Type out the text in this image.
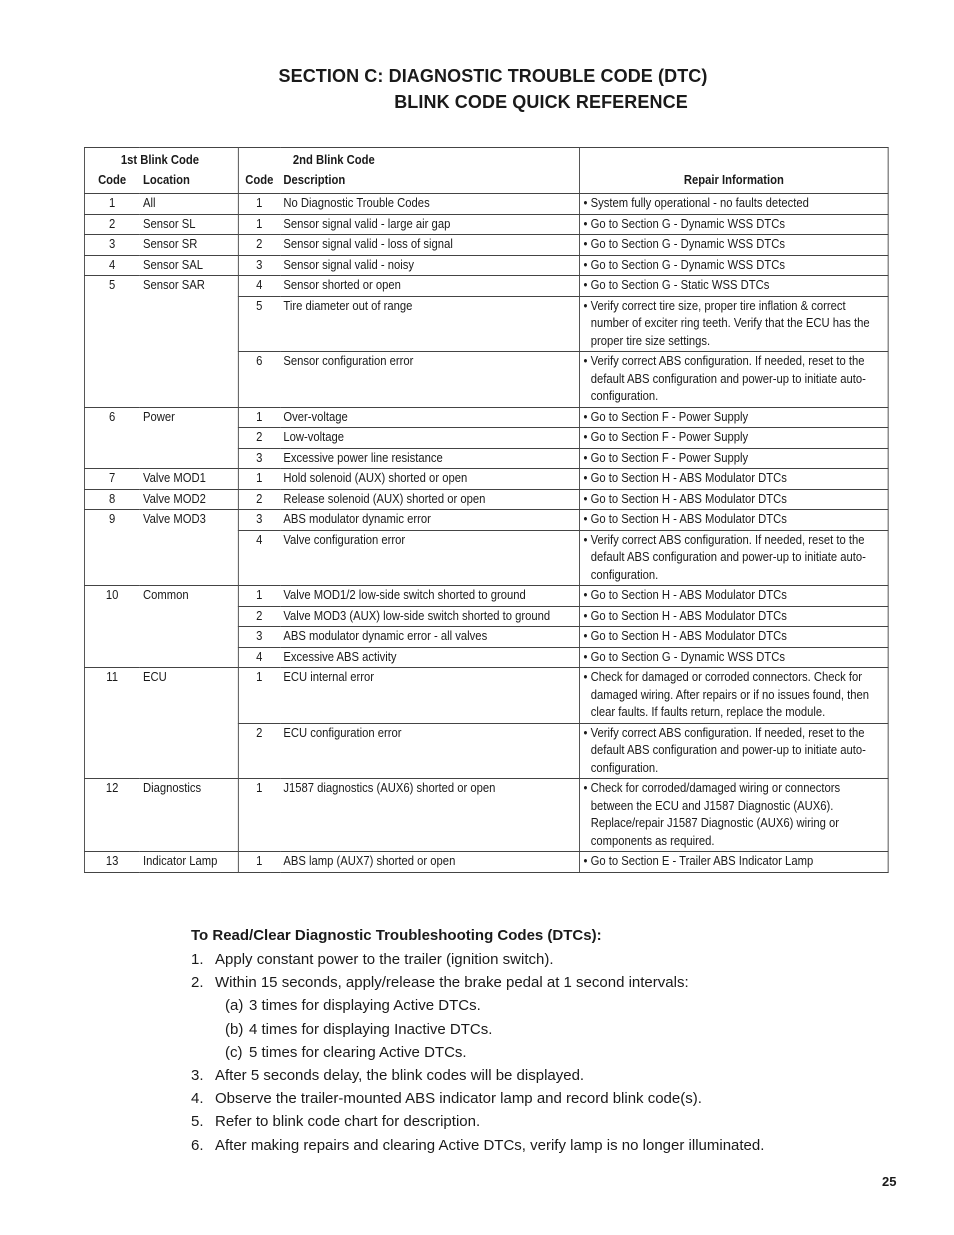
SECTION C: DIAGNOSTIC TROUBLE CODE (DTC)
BLINK CODE QUICK REFERENCE
1st Blink Code		2nd Blink Code		Repair Information
Code	Location	Code	Description	
1	All	1	No Diagnostic Trouble Codes	• System fully operational - no faults detected
2	Sensor SL	1	Sensor signal valid - large air gap	• Go to Section G - Dynamic WSS DTCs
3	Sensor SR	2	Sensor signal valid - loss of signal	• Go to Section G - Dynamic WSS DTCs
4	Sensor SAL	3	Sensor signal valid - noisy	• Go to Section G - Dynamic WSS DTCs
5	Sensor SAR	4	Sensor shorted or open	• Go to Section G - Static WSS DTCs
		5	Tire diameter out of range	• Verify correct tire size, proper tire inflation & correct number of exciter ring teeth. Verify that the ECU has the proper tire size settings.
		6	Sensor configuration error	• Verify correct ABS configuration. If needed, reset to the default ABS configuration and power-up to initiate auto-configuration.
6	Power	1	Over-voltage	• Go to Section F - Power Supply
		2	Low-voltage	• Go to Section F - Power Supply
		3	Excessive power line resistance	• Go to Section F - Power Supply
7	Valve MOD1	1	Hold solenoid (AUX) shorted or open	• Go to Section H - ABS Modulator DTCs
8	Valve MOD2	2	Release solenoid (AUX) shorted or open	• Go to Section H - ABS Modulator DTCs
9	Valve MOD3	3	ABS modulator dynamic error	• Go to Section H - ABS Modulator DTCs
		4	Valve configuration error	• Verify correct ABS configuration. If needed, reset to the default ABS configuration and power-up to initiate auto-configuration.
10	Common	1	Valve MOD1/2 low-side switch shorted to ground	• Go to Section H - ABS Modulator DTCs
		2	Valve MOD3 (AUX) low-side switch shorted to ground	• Go to Section H - ABS Modulator DTCs
		3	ABS modulator dynamic error - all valves	• Go to Section H - ABS Modulator DTCs
		4	Excessive ABS activity	• Go to Section G - Dynamic WSS DTCs
11	ECU	1	ECU internal error	• Check for damaged or corroded connectors. Check for damaged wiring. After repairs or if no issues found, then clear faults. If faults return, replace the module.
		2	ECU configuration error	• Verify correct ABS configuration. If needed, reset to the default ABS configuration and power-up to initiate auto-configuration.
12	Diagnostics	1	J1587 diagnostics (AUX6) shorted or open	• Check for corroded/damaged wiring or connectors between the ECU and J1587 Diagnostic (AUX6). Replace/repair J1587 Diagnostic (AUX6) wiring or components as required.
13	Indicator Lamp	1	ABS lamp (AUX7) shorted or open	• Go to Section E - Trailer ABS Indicator Lamp
To Read/Clear Diagnostic Troubleshooting Codes (DTCs):
1. Apply constant power to the trailer (ignition switch).
2. Within 15 seconds, apply/release the brake pedal at 1 second intervals:
(a) 3 times for displaying Active DTCs.
(b) 4 times for displaying Inactive DTCs.
(c) 5 times for clearing Active DTCs.
3. After 5 seconds delay, the blink codes will be displayed.
4. Observe the trailer-mounted ABS indicator lamp and record blink code(s).
5. Refer to blink code chart for description.
6. After making repairs and clearing Active DTCs, verify lamp is no longer illuminated.
25
